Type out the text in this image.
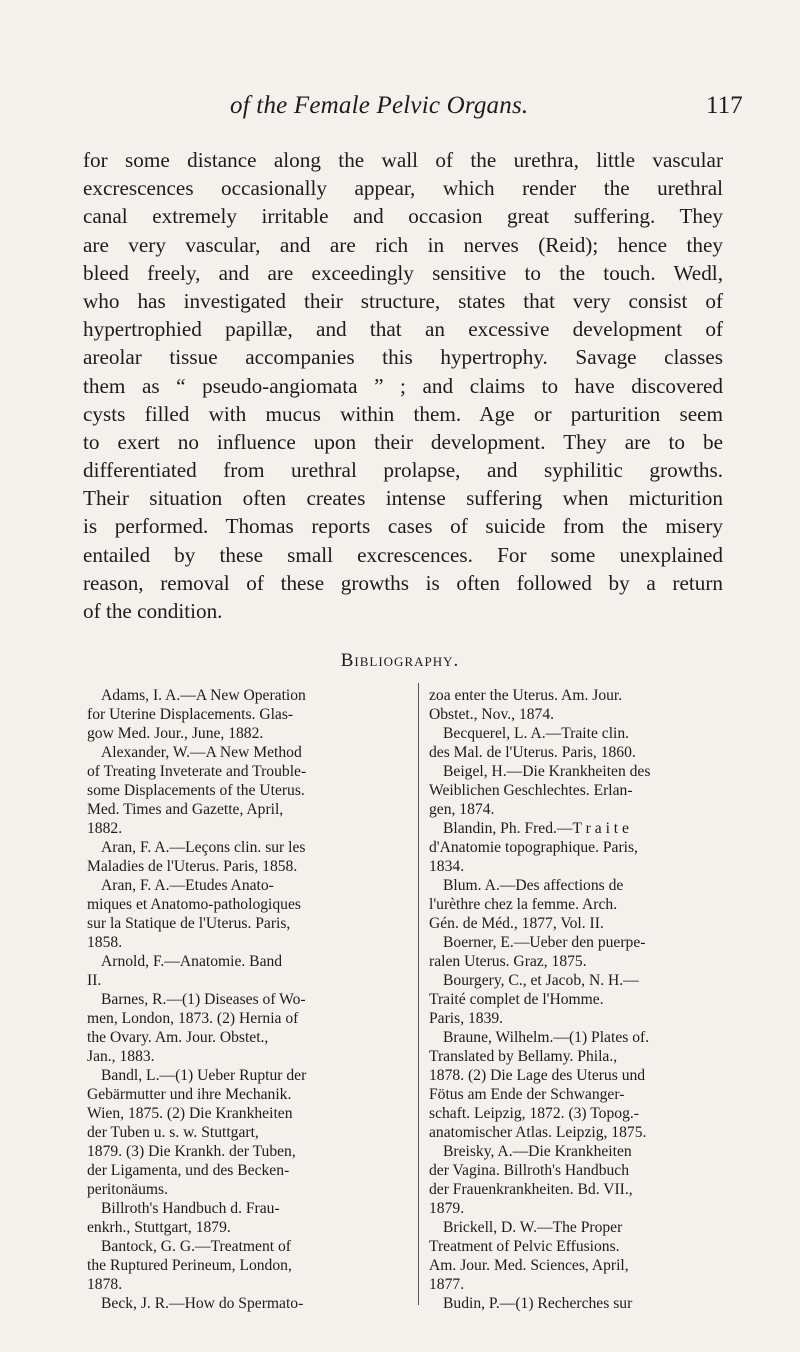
of the Female Pelvic Organs.	117
for some distance along the wall of the urethra, little vascular
excrescences occasionally appear, which render the urethral
canal extremely irritable and occasion great suffering. They
are very vascular, and are rich in nerves (Reid); hence they
bleed freely, and are exceedingly sensitive to the touch. Wedl,
who has investigated their structure, states that very consist of
hypertrophied papillæ, and that an excessive development of
areolar tissue accompanies this hypertrophy. Savage classes
them as “ pseudo-angiomata ” ; and claims to have discovered
cysts filled with mucus within them. Age or parturition seem
to exert no influence upon their development. They are to be
differentiated from urethral prolapse, and syphilitic growths.
Their situation often creates intense suffering when micturition
is performed. Thomas reports cases of suicide from the misery
entailed by these small excrescences. For some unexplained
reason, removal of these growths is often followed by a return
of the condition.
Bibliography.
Adams, I. A.—A New Operation
for Uterine Displacements. Glas-
gow Med. Jour., June, 1882.
Alexander, W.—A New Method
of Treating Inveterate and Trouble-
some Displacements of the Uterus.
Med. Times and Gazette, April,
1882.
Aran, F. A.—Leçons clin. sur les
Maladies de l'Uterus. Paris, 1858.
Aran, F. A.—Etudes Anato-
miques et Anatomo-pathologiques
sur la Statique de l'Uterus. Paris,
1858.
Arnold, F.—Anatomie. Band
II.
Barnes, R.—(1) Diseases of Wo-
men, London, 1873. (2) Hernia of
the Ovary. Am. Jour. Obstet.,
Jan., 1883.
Bandl, L.—(1) Ueber Ruptur der
Gebärmutter und ihre Mechanik.
Wien, 1875. (2) Die Krankheiten
der Tuben u. s. w. Stuttgart,
1879. (3) Die Krankh. der Tuben,
der Ligamenta, und des Becken-
peritonäums.
Billroth's Handbuch d. Frau-
enkrh., Stuttgart, 1879.
Bantock, G. G.—Treatment of
the Ruptured Perineum, London,
1878.
Beck, J. R.—How do Spermato-
zoa enter the Uterus. Am. Jour.
Obstet., Nov., 1874.
Becquerel, L. A.—Traite clin.
des Mal. de l'Uterus. Paris, 1860.
Beigel, H.—Die Krankheiten des
Weiblichen Geschlechtes. Erlan-
gen, 1874.
Blandin, Ph. Fred.—T r a i t e
d'Anatomie topographique. Paris,
1834.
Blum. A.—Des affections de
l'urèthre chez la femme. Arch.
Gén. de Méd., 1877, Vol. II.
Boerner, E.—Ueber den puerpe-
ralen Uterus. Graz, 1875.
Bourgery, C., et Jacob, N. H.—
Traité complet de l'Homme.
Paris, 1839.
Braune, Wilhelm.—(1) Plates of.
Translated by Bellamy. Phila.,
1878. (2) Die Lage des Uterus und
Fötus am Ende der Schwanger-
schaft. Leipzig, 1872. (3) Topog.-
anatomischer Atlas. Leipzig, 1875.
Breisky, A.—Die Krankheiten
der Vagina. Billroth's Handbuch
der Frauenkrankheiten. Bd. VII.,
1879.
Brickell, D. W.—The Proper
Treatment of Pelvic Effusions.
Am. Jour. Med. Sciences, April,
1877.
Budin, P.—(1) Recherches sur
